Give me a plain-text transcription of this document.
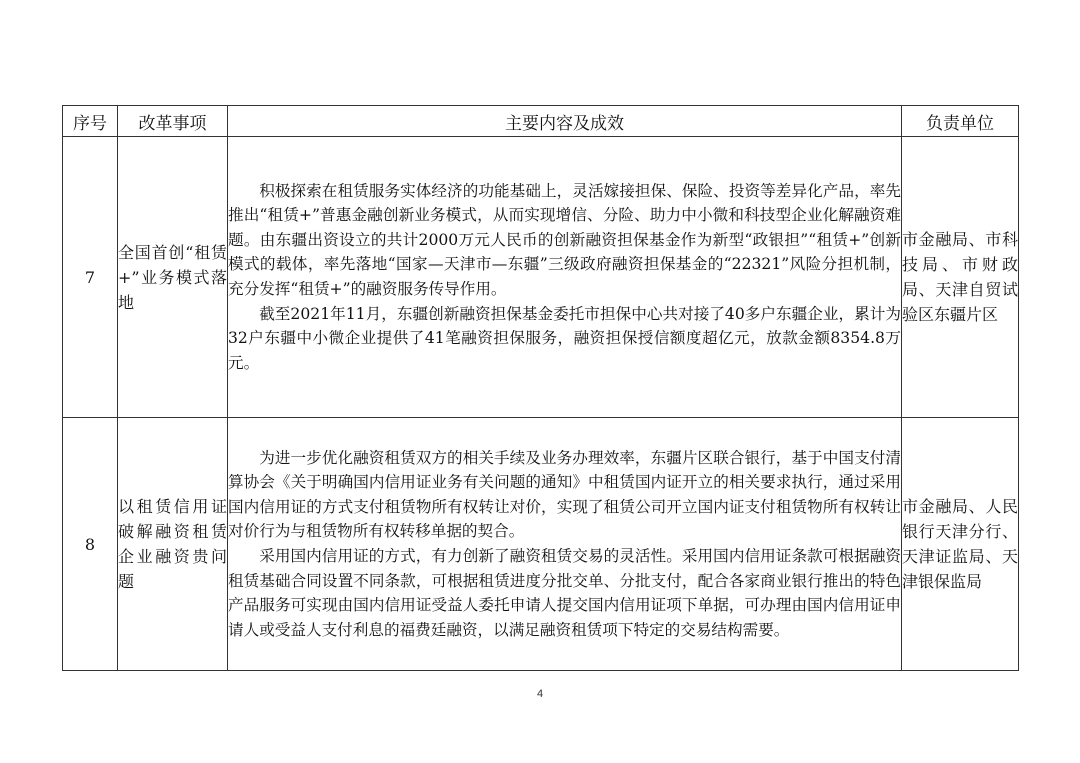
序号	改革事项	主要内容及成效	负责单位
7	全国首创“租赁+”业务模式落地	积极探索在租赁服务实体经济的功能基础上，灵活嫁接担保、保险、投资等差异化产品，率先推出“租赁+”普惠金融创新业务模式，从而实现增信、分险、助力中小微和科技型企业化解融资难题。由东疆出资设立的共计2000万元人民币的创新融资担保基金作为新型“政银担”“租赁+”创新模式的载体，率先落地“国家—天津市—东疆”三级政府融资担保基金的“22321”风险分担机制，充分发挥“租赁+”的融资服务传导作用。

截至2021年11月，东疆创新融资担保基金委托市担保中心共对接了40多户东疆企业，累计为32户东疆中小微企业提供了41笔融资担保服务，融资担保授信额度超亿元，放款金额8354.8万元。	市金融局、市科技局、市财政局、天津自贸试验区东疆片区
8	以租赁信用证破解融资租赁企业融资贵问题	为进一步优化融资租赁双方的相关手续及业务办理效率，东疆片区联合银行，基于中国支付清算协会《关于明确国内信用证业务有关问题的通知》中租赁国内证开立的相关要求执行，通过采用国内信用证的方式支付租赁物所有权转让对价，实现了租赁公司开立国内证支付租赁物所有权转让对价行为与租赁物所有权转移单据的契合。

采用国内信用证的方式，有力创新了融资租赁交易的灵活性。采用国内信用证条款可根据融资租赁基础合同设置不同条款，可根据租赁进度分批交单、分批支付，配合各家商业银行推出的特色产品服务可实现由国内信用证受益人委托申请人提交国内信用证项下单据，可办理由国内信用证申请人或受益人支付利息的福费廷融资，以满足融资租赁项下特定的交易结构需要。	市金融局、人民银行天津分行、天津证监局、天津银保监局
4
